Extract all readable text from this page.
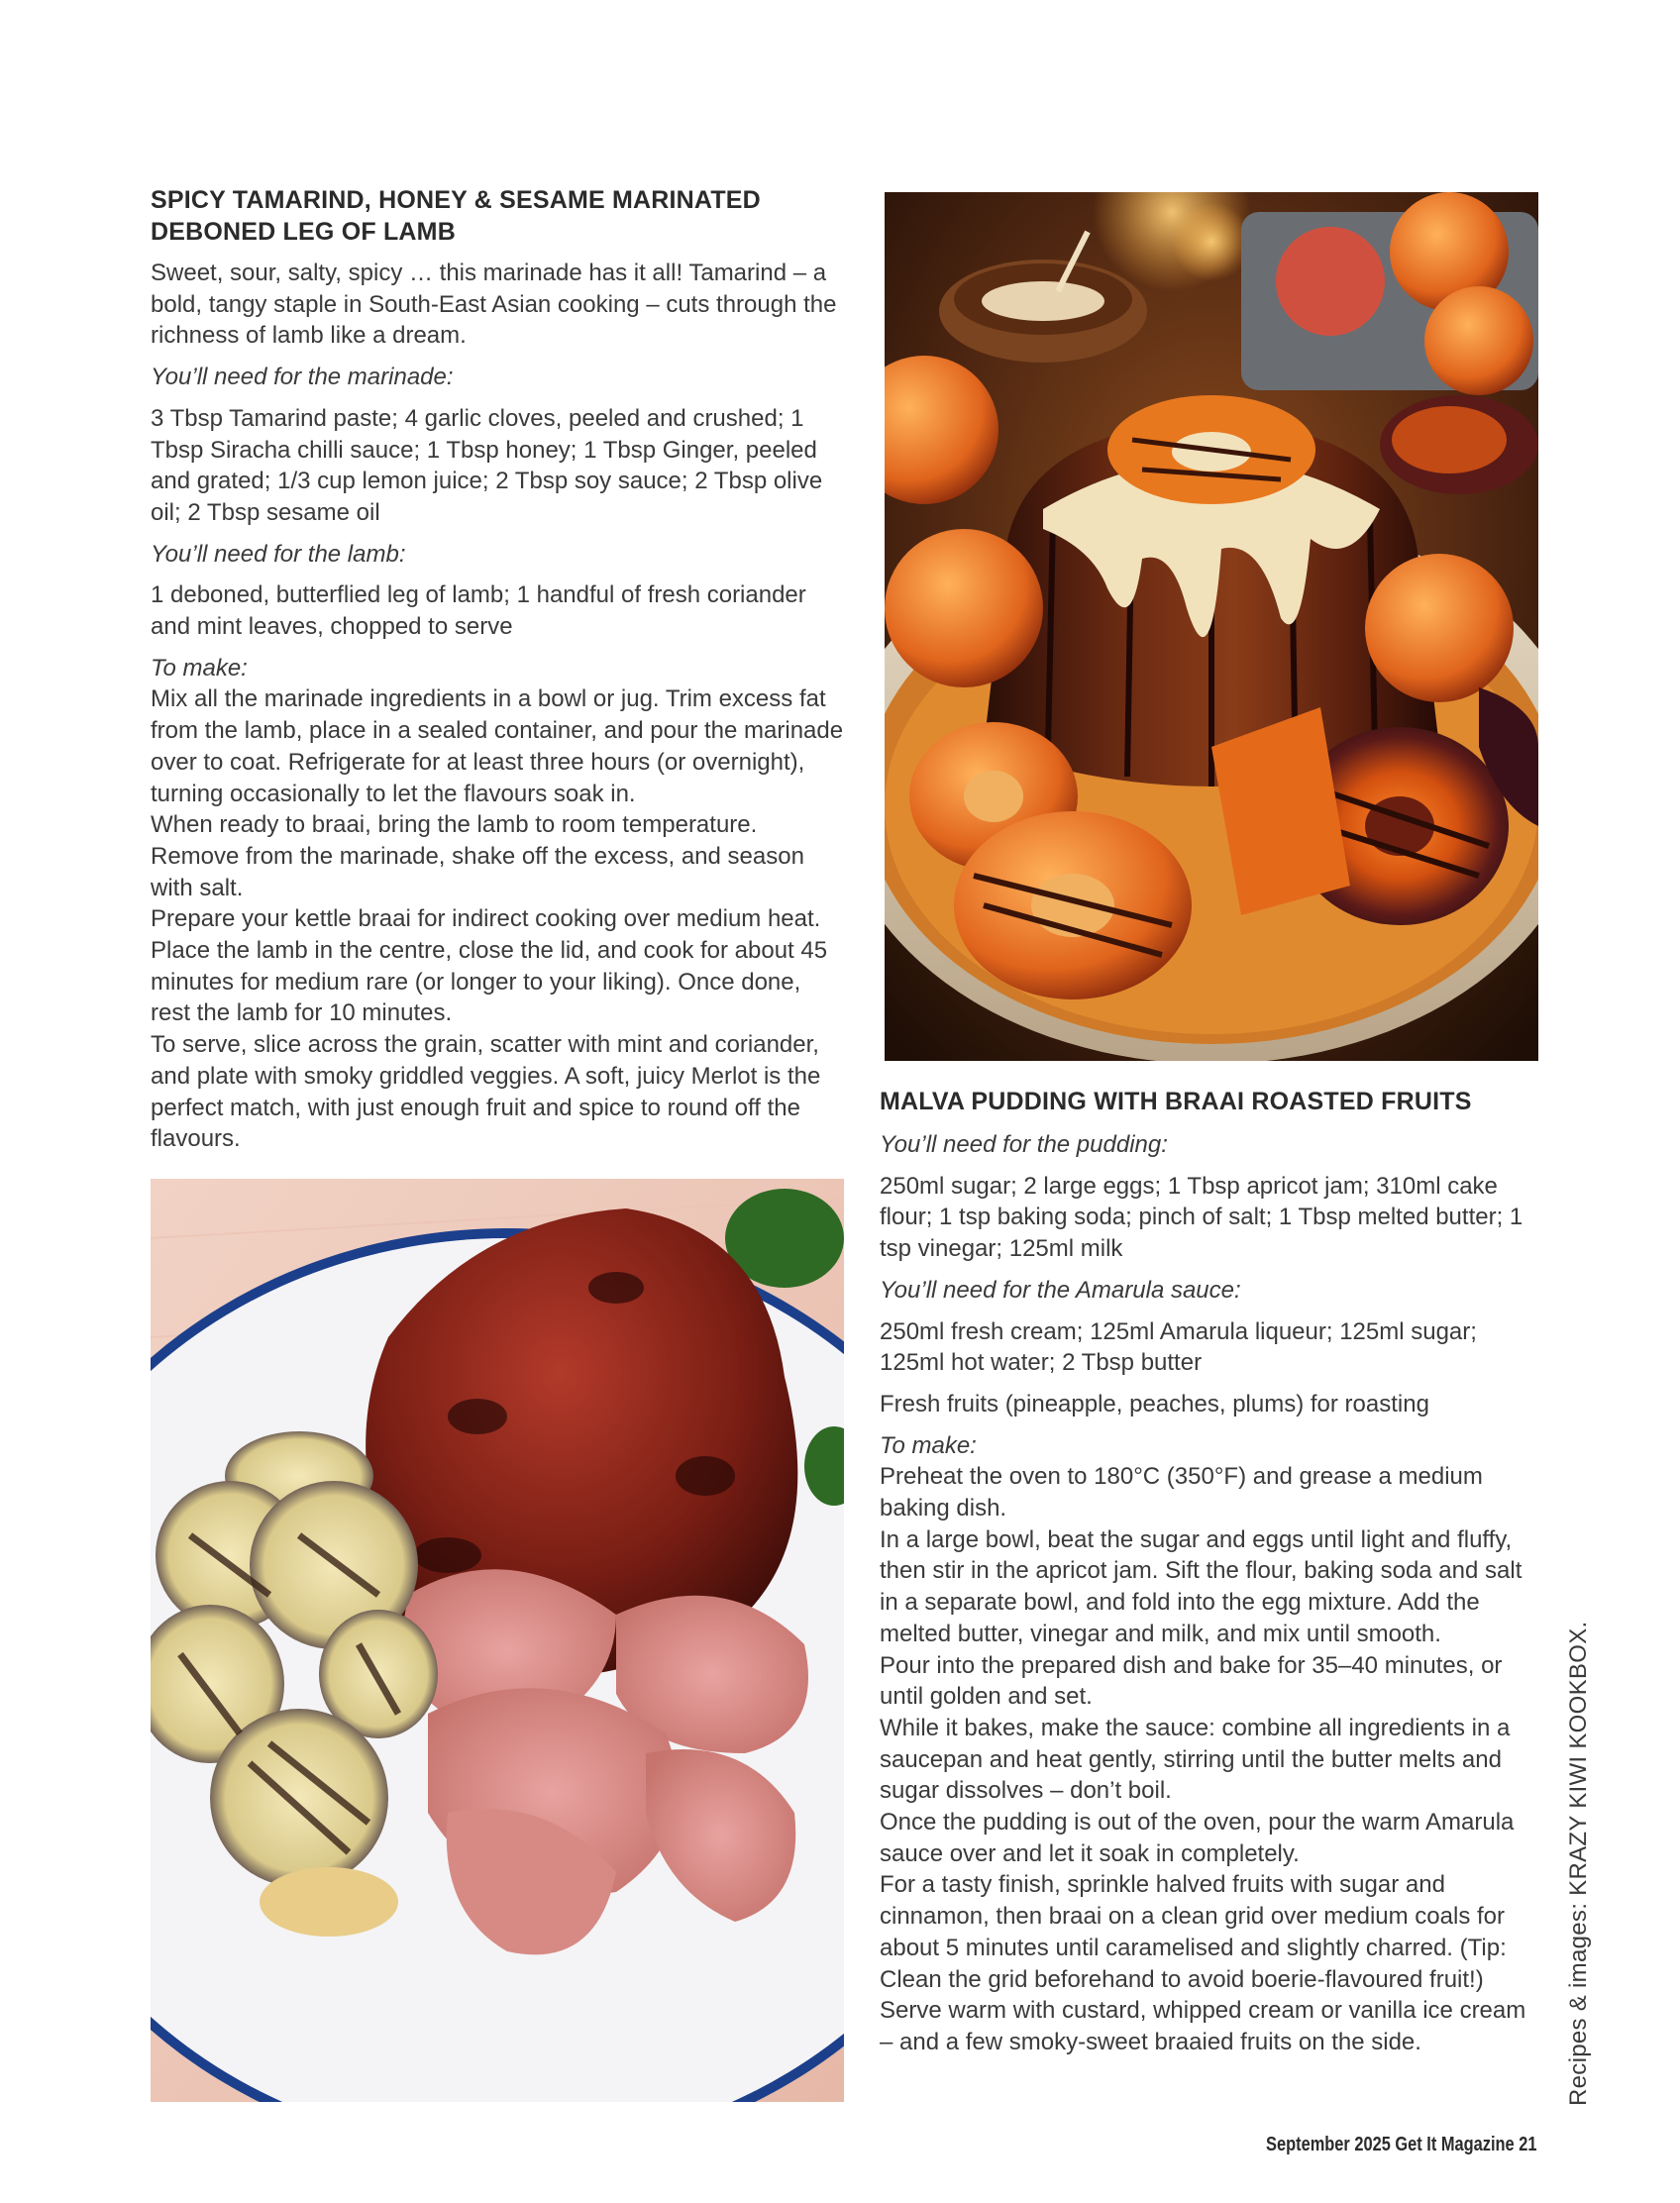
SPICY TAMARIND, HONEY & SESAME MARINATED
DEBONED LEG OF LAMB

Sweet, sour, salty, spicy … this marinade has it all! Tamarind – a bold, tangy staple in South-East Asian cooking – cuts through the richness of lamb like a dream.

You’ll need for the marinade:

3 Tbsp Tamarind paste; 4 garlic cloves, peeled and crushed; 1 Tbsp Siracha chilli sauce; 1 Tbsp honey; 1 Tbsp Ginger, peeled and grated; 1/3 cup lemon juice; 2 Tbsp soy sauce; 2 Tbsp olive oil; 2 Tbsp sesame oil

You’ll need for the lamb:

1 deboned, butterflied leg of lamb; 1 handful of fresh coriander and mint leaves, chopped to serve

To make:

Mix all the marinade ingredients in a bowl or jug. Trim excess fat from the lamb, place in a sealed container, and pour the marinade over to coat. Refrigerate for at least three hours (or overnight), turning occasionally to let the flavours soak in.
When ready to braai, bring the lamb to room temperature. Remove from the marinade, shake off the excess, and season with salt.
Prepare your kettle braai for indirect cooking over medium heat. Place the lamb in the centre, close the lid, and cook for about 45 minutes for medium rare (or longer to your liking). Once done, rest the lamb for 10 minutes.
To serve, slice across the grain, scatter with mint and coriander, and plate with smoky griddled veggies. A soft, juicy Merlot is the perfect match, with just enough fruit and spice to round off the flavours.

MALVA PUDDING WITH BRAAI ROASTED FRUITS

You’ll need for the pudding:

250ml sugar; 2 large eggs; 1 Tbsp apricot jam; 310ml cake flour; 1 tsp baking soda; pinch of salt; 1 Tbsp melted butter; 1 tsp vinegar; 125ml milk

You’ll need for the Amarula sauce:

250ml fresh cream; 125ml Amarula liqueur; 125ml sugar; 125ml hot water; 2 Tbsp butter

Fresh fruits (pineapple, peaches, plums) for roasting

To make:

Preheat the oven to 180°C (350°F) and grease a medium baking dish.
In a large bowl, beat the sugar and eggs until light and fluffy, then stir in the apricot jam. Sift the flour, baking soda and salt in a separate bowl, and fold into the egg mixture. Add the melted butter, vinegar and milk, and mix until smooth.
Pour into the prepared dish and bake for 35–40 minutes, or until golden and set.
While it bakes, make the sauce: combine all ingredients in a saucepan and heat gently, stirring until the butter melts and sugar dissolves – don’t boil.
Once the pudding is out of the oven, pour the warm Amarula sauce over and let it soak in completely.
For a tasty finish, sprinkle halved fruits with sugar and cinnamon, then braai on a clean grid over medium coals for about 5 minutes until caramelised and slightly charred. (Tip: Clean the grid beforehand to avoid boerie-flavoured fruit!)
Serve warm with custard, whipped cream or vanilla ice cream – and a few smoky-sweet braaied fruits on the side.	Recipes & images: KRAZY KIWI KOOKBOX.
September 2025 Get It Magazine 21
